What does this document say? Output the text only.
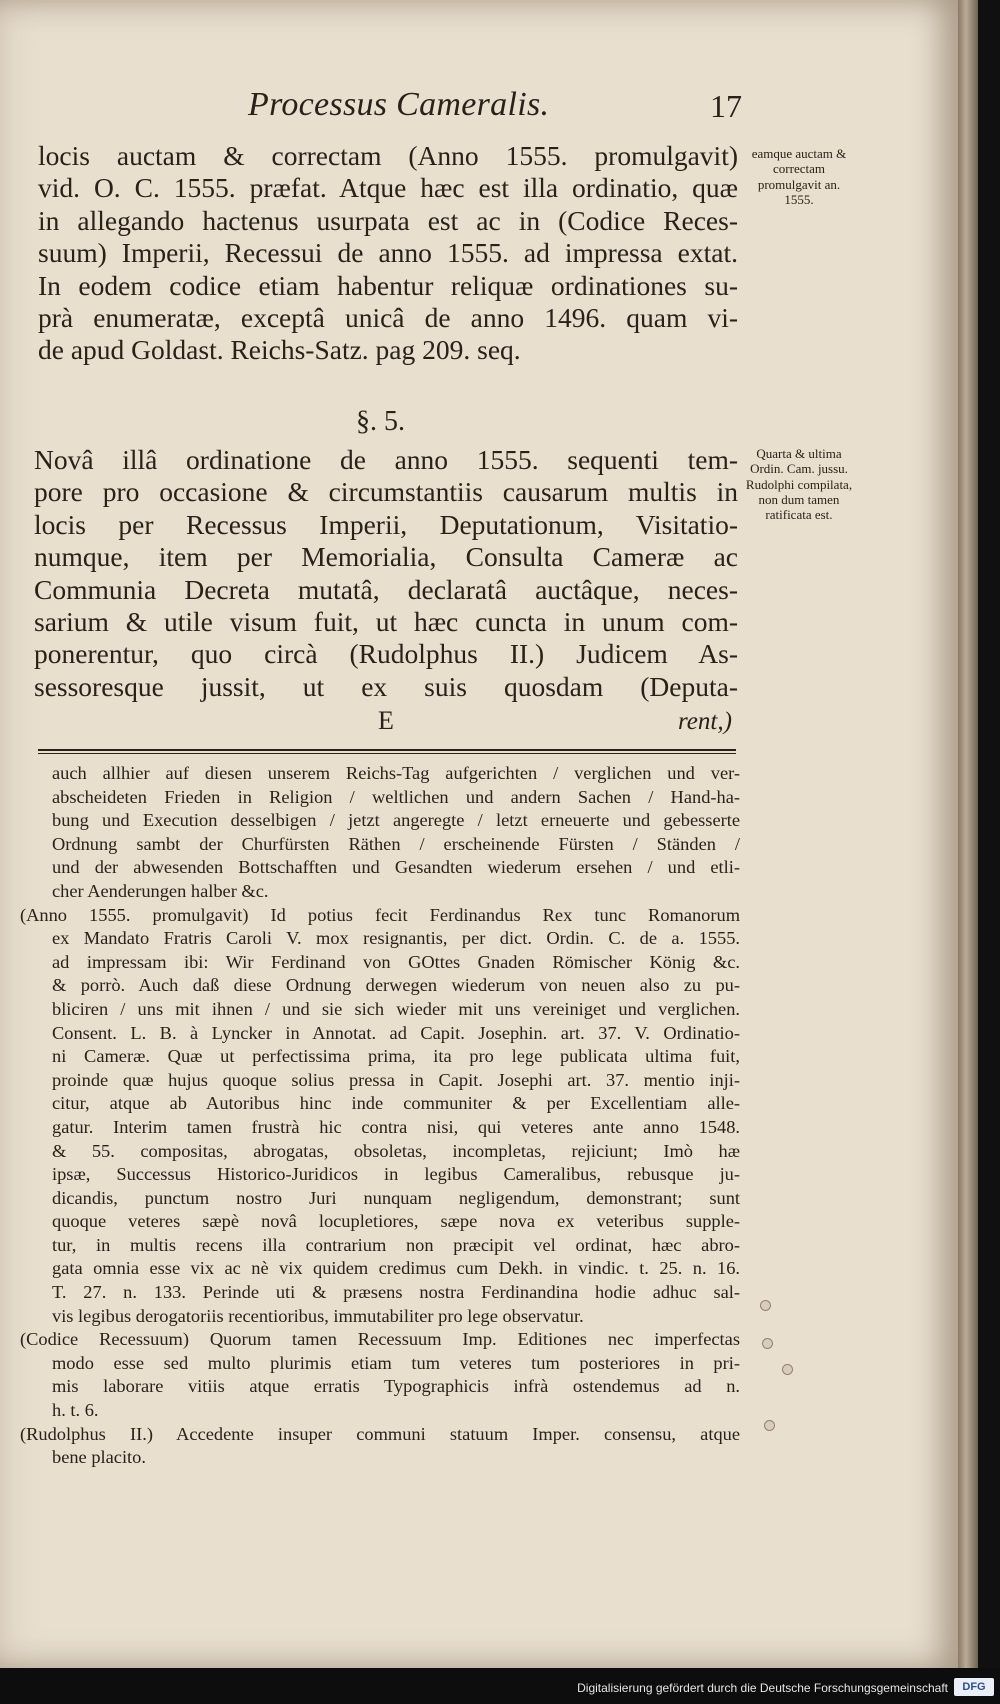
Processus Cameralis.	17
locis auctam & correctam (Anno 1555. promulgavit)
vid. O. C. 1555. præfat. Atque hæc est illa ordinatio, quæ
in allegando hactenus usurpata est ac in (Codice Reces-
suum) Imperii, Recessui de anno 1555. ad impressa extat.
In eodem codice etiam habentur reliquæ ordinationes su-
prà enumeratæ, exceptâ unicâ de anno 1496. quam vi-
de apud Goldast. Reichs-Satz. pag 209. seq.
§. 5.
Novâ illâ ordinatione de anno 1555. sequenti tem-
pore pro occasione & circumstantiis causarum multis in
locis per Recessus Imperii, Deputationum, Visitatio-
numque, item per Memorialia, Consulta Cameræ ac
Communia Decreta mutatâ, declaratâ auctâque, neces-
sarium & utile visum fuit, ut hæc cuncta in unum com-
ponerentur, quo circà (Rudolphus II.) Judicem As-
sessoresque jussit, ut ex suis quosdam (Deputa-
E	rent,)
eamque auctam & correctam promulgavit an. 1555.
Quarta & ultima Ordin. Cam. jussu. Rudolphi compilata, non dum tamen ratificata est.
auch allhier auf diesen unserem Reichs-Tag aufgerichten / verglichen und ver-
abscheideten Frieden in Religion / weltlichen und andern Sachen / Hand-ha-
bung und Execution desselbigen / jetzt angeregte / letzt erneuerte und gebesserte
Ordnung sambt der Churfürsten Räthen / erscheinende Fürsten / Ständen /
und der abwesenden Bottschafften und Gesandten wiederum ersehen / und etli-
cher Aenderungen halber &c.
(Anno 1555. promulgavit) Id potius fecit Ferdinandus Rex tunc Romanorum
ex Mandato Fratris Caroli V. mox resignantis, per dict. Ordin. C. de a. 1555.
ad impressam ibi: Wir Ferdinand von GOttes Gnaden Römischer König &c.
& porrò. Auch daß diese Ordnung derwegen wiederum von neuen also zu pu-
bliciren / uns mit ihnen / und sie sich wieder mit uns vereiniget und verglichen.
Consent. L. B. à Lyncker in Annotat. ad Capit. Josephin. art. 37. V. Ordinatio-
ni Cameræ. Quæ ut perfectissima prima, ita pro lege publicata ultima fuit,
proinde quæ hujus quoque solius pressa in Capit. Josephi art. 37. mentio inji-
citur, atque ab Autoribus hinc inde communiter & per Excellentiam alle-
gatur. Interim tamen frustrà hic contra nisi, qui veteres ante anno 1548.
& 55. compositas, abrogatas, obsoletas, incompletas, rejiciunt; Imò hæ
ipsæ, Successus Historico-Juridicos in legibus Cameralibus, rebusque ju-
dicandis, punctum nostro Juri nunquam negligendum, demonstrant; sunt
quoque veteres sæpè novâ locupletiores, sæpe nova ex veteribus supple-
tur, in multis recens illa contrarium non præcipit vel ordinat, hæc abro-
gata omnia esse vix ac nè vix quidem credimus cum Dekh. in vindic. t. 25. n. 16.
T. 27. n. 133. Perinde uti & præsens nostra Ferdinandina hodie adhuc sal-
vis legibus derogatoriis recentioribus, immutabiliter pro lege observatur.
(Codice Recessuum) Quorum tamen Recessuum Imp. Editiones nec imperfectas
modo esse sed multo plurimis etiam tum veteres tum posteriores in pri-
mis laborare vitiis atque erratis Typographicis infrà ostendemus ad n.
h. t. 6.
(Rudolphus II.) Accedente insuper communi statuum Imper. consensu, atque
bene placito.
Digitalisierung gefördert durch die Deutsche Forschungsgemeinschaft	DFG
